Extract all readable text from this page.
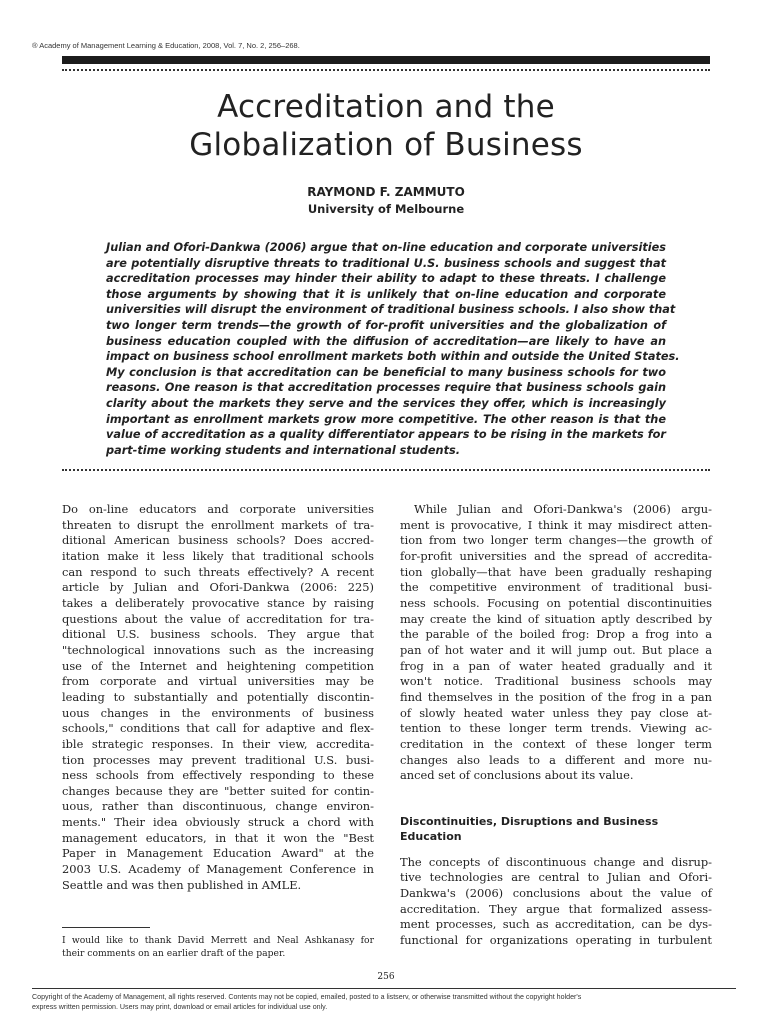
® Academy of Management Learning & Education, 2008, Vol. 7, No. 2, 256–268.
Accreditation and the
Globalization of Business
RAYMOND F. ZAMMUTO
University of Melbourne
Julian and Ofori-Dankwa (2006) argue that on-line education and corporate universities
are potentially disruptive threats to traditional U.S. business schools and suggest that
accreditation processes may hinder their ability to adapt to these threats. I challenge
those arguments by showing that it is unlikely that on-line education and corporate
universities will disrupt the environment of traditional business schools. I also show that
two longer term trends—the growth of for-profit universities and the globalization of
business education coupled with the diffusion of accreditation—are likely to have an
impact on business school enrollment markets both within and outside the United States.
My conclusion is that accreditation can be beneficial to many business schools for two
reasons. One reason is that accreditation processes require that business schools gain
clarity about the markets they serve and the services they offer, which is increasingly
important as enrollment markets grow more competitive. The other reason is that the
value of accreditation as a quality differentiator appears to be rising in the markets for
part-time working students and international students.
Do on-line educators and corporate universities
threaten to disrupt the enrollment markets of tra-
ditional American business schools? Does accred-
itation make it less likely that traditional schools
can respond to such threats effectively? A recent
article by Julian and Ofori-Dankwa (2006: 225)
takes a deliberately provocative stance by raising
questions about the value of accreditation for tra-
ditional U.S. business schools. They argue that
"technological innovations such as the increasing
use of the Internet and heightening competition
from corporate and virtual universities may be
leading to substantially and potentially discontin-
uous changes in the environments of business
schools," conditions that call for adaptive and flex-
ible strategic responses. In their view, accredita-
tion processes may prevent traditional U.S. busi-
ness schools from effectively responding to these
changes because they are "better suited for contin-
uous, rather than discontinuous, change environ-
ments." Their idea obviously struck a chord with
management educators, in that it won the "Best
Paper in Management Education Award" at the
2003 U.S. Academy of Management Conference in
Seattle and was then published in AMLE.
While Julian and Ofori-Dankwa's (2006) argu-
ment is provocative, I think it may misdirect atten-
tion from two longer term changes—the growth of
for-profit universities and the spread of accredita-
tion globally—that have been gradually reshaping
the competitive environment of traditional busi-
ness schools. Focusing on potential discontinuities
may create the kind of situation aptly described by
the parable of the boiled frog: Drop a frog into a
pan of hot water and it will jump out. But place a
frog in a pan of water heated gradually and it
won't notice. Traditional business schools may
find themselves in the position of the frog in a pan
of slowly heated water unless they pay close at-
tention to these longer term trends. Viewing ac-
creditation in the context of these longer term
changes also leads to a different and more nu-
anced set of conclusions about its value.
Discontinuities, Disruptions and Business
Education
The concepts of discontinuous change and disrup-
tive technologies are central to Julian and Ofori-
Dankwa's (2006) conclusions about the value of
accreditation. They argue that formalized assess-
ment processes, such as accreditation, can be dys-
functional for organizations operating in turbulent
I would like to thank David Merrett and Neal Ashkanasy for
their comments on an earlier draft of the paper.
256
Copyright of the Academy of Management, all rights reserved. Contents may not be copied, emailed, posted to a listserv, or otherwise transmitted without the copyright holder's
express written permission. Users may print, download or email articles for individual use only.
